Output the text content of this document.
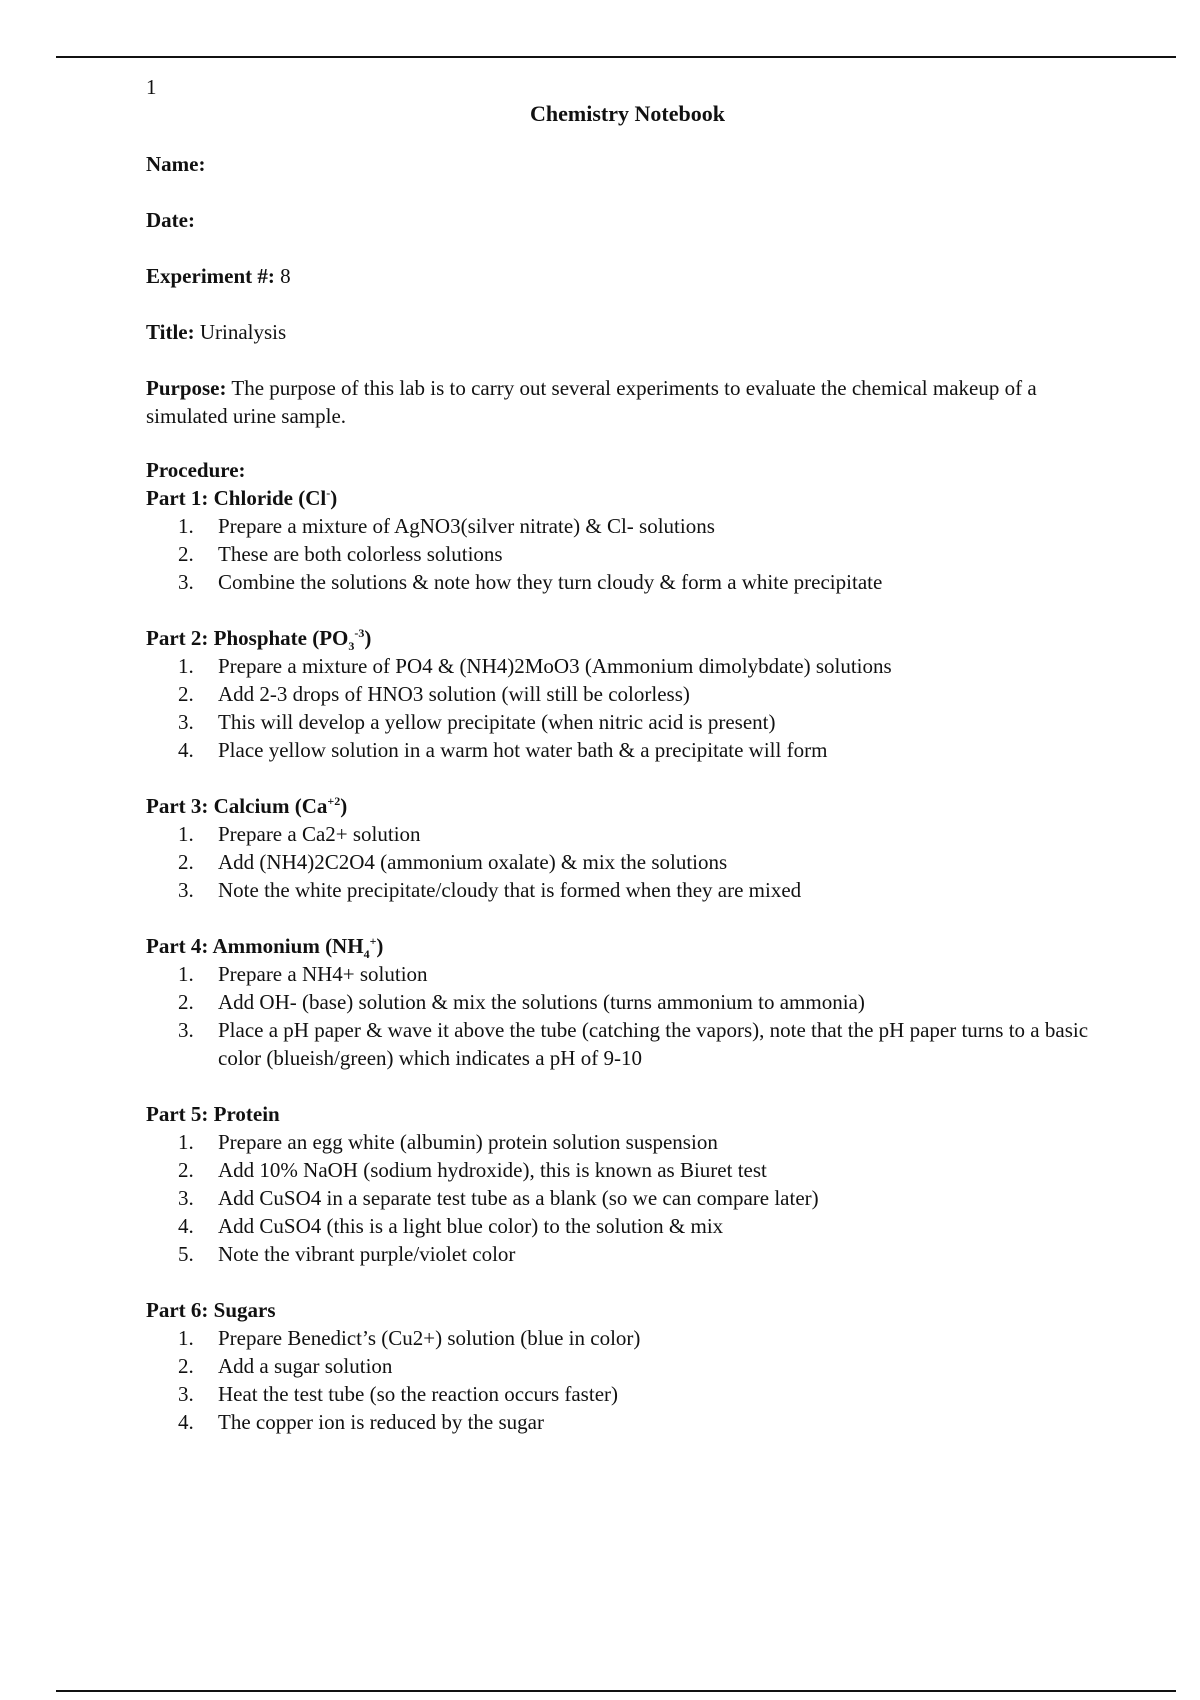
1
Chemistry Notebook
Name:
Date:
Experiment #: 8
Title: Urinalysis
Purpose: The purpose of this lab is to carry out several experiments to evaluate the chemical makeup of a simulated urine sample.
Procedure:
Part 1: Chloride (Cl-)
1.	Prepare a mixture of AgNO3(silver nitrate) & Cl- solutions
2.	These are both colorless solutions
3.	Combine the solutions & note how they turn cloudy & form a white precipitate
Part 2: Phosphate $(PO_3^{-3})$
1.	Prepare a mixture of PO4 & (NH4)2MoO3 (Ammonium dimolybdate) solutions
2.	Add 2-3 drops of HNO3 solution (will still be colorless)
3.	This will develop a yellow precipitate (when nitric acid is present)
4.	Place yellow solution in a warm hot water bath & a precipitate will form
Part 3: Calcium $(Ca^{+2})$
1.	Prepare a Ca2+ solution
2.	Add (NH4)2C2O4 (ammonium oxalate) & mix the solutions
3.	Note the white precipitate/cloudy that is formed when they are mixed
Part 4: Ammonium $(NH_4^+)$
1.	Prepare a NH4+ solution
2.	Add OH- (base) solution & mix the solutions (turns ammonium to ammonia)
3.	Place a pH paper & wave it above the tube (catching the vapors), note that the pH paper turns to a basic color (blueish/green) which indicates a pH of 9-10
Part 5: Protein
1.	Prepare an egg white (albumin) protein solution suspension
2.	Add 10% NaOH (sodium hydroxide), this is known as Biuret test
3.	Add CuSO4 in a separate test tube as a blank (so we can compare later)
4.	Add CuSO4 (this is a light blue color) to the solution & mix
5.	Note the vibrant purple/violet color
Part 6: Sugars
1.	Prepare Benedict’s (Cu2+) solution (blue in color)
2.	Add a sugar solution
3.	Heat the test tube (so the reaction occurs faster)
4.	The copper ion is reduced by the sugar
